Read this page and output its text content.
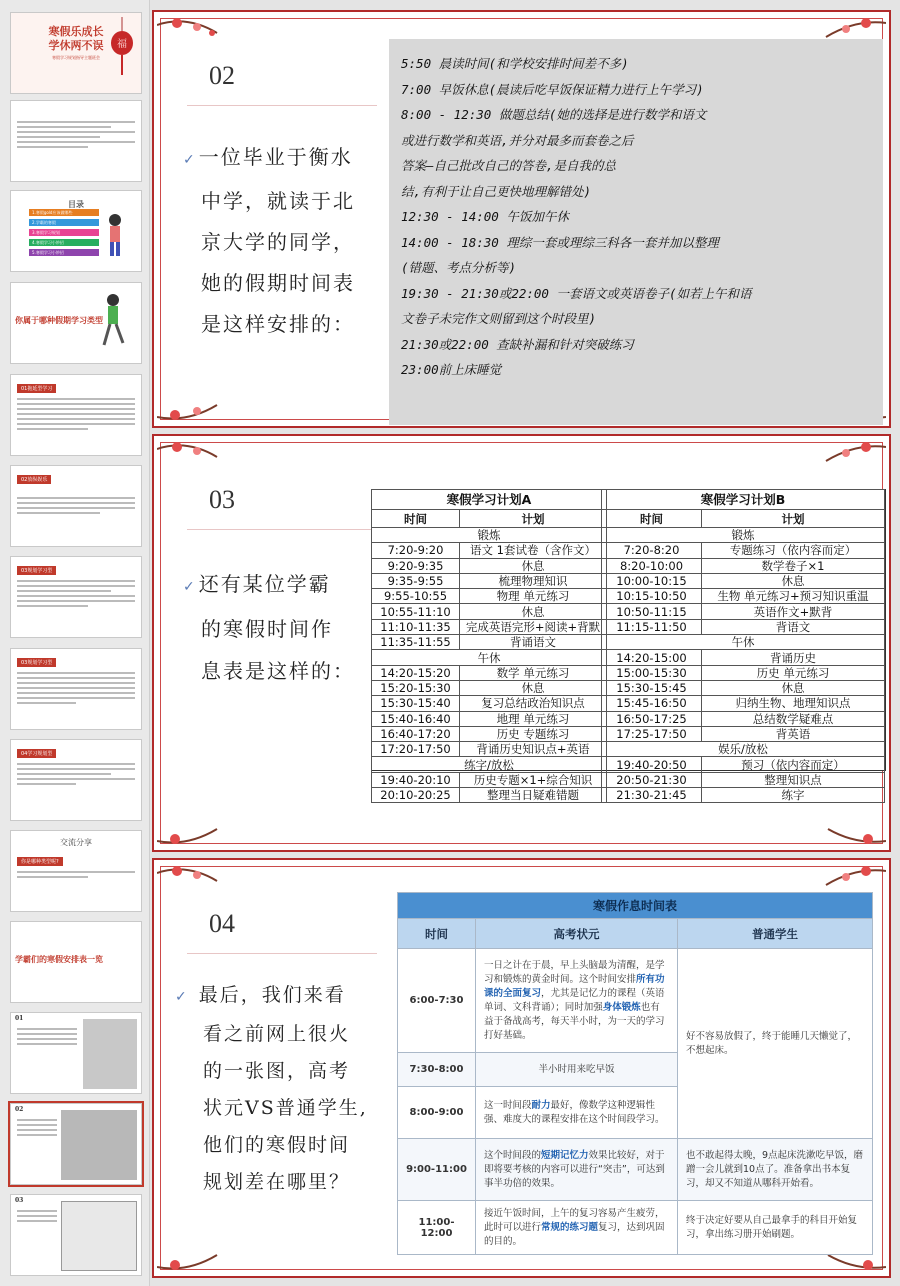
寒假乐成长
学休两不误
寒假学习规划指导主题班会
福
目录
1.寒假gold应该做哪些
2.学霸的寒假
3.寒假学习规划
4.寒假学习小妙招
5.寒假学习小妙招
你属于哪种假期学习类型
01拖延型学习
02放纵娱乐
03规划学习型
03规划学习型
04学习规划型
交流分享
你是哪种类型呢?
学霸们的寒假安排表一览
01
02
03
02
✓ 一位毕业于衡水
中学，就读于北
京大学的同学，
她的假期时间表
是这样安排的：
5:50 晨读时间(和学校安排时间差不多)
7:00 早饭休息(晨读后吃早饭保证精力进行上午学习)
8:00 - 12:30 做题总结(她的选择是进行数学和语文
或进行数学和英语,并分对最多而套卷之后
答案—自己批改自己的答卷,是自我的总
结,有利于让自己更快地理解错处)
12:30 - 14:00 午饭加午休
14:00 - 18:30 理综一套或理综三科各一套并加以整理
(错题、考点分析等)
19:30 - 21:30或22:00 一套语文或英语卷子(如若上午和语
文卷子未完作文则留到这个时段里)
21:30或22:00 查缺补漏和针对突破练习
23:00前上床睡觉
03
✓ 还有某位学霸
的寒假时间作
息表是这样的：
寒假学习计划A	
时间	计划
锻炼	
7:20-9:20	语文 1套试卷（含作文）
9:20-9:35	休息
9:35-9:55	梳理物理知识
9:55-10:55	物理 单元练习
10:55-11:10	休息
11:10-11:35	完成英语完形+阅读+背默
11:35-11:55	背诵语文
午休	
14:20-15:20	数学 单元练习
15:20-15:30	休息
15:30-15:40	复习总结政治知识点
15:40-16:40	地理 单元练习
16:40-17:20	历史 专题练习
17:20-17:50	背诵历史知识点+英语
练字/放松	
19:40-20:10	历史专题×1+综合知识
20:10-20:25	整理当日疑难错题
寒假学习计划B	
时间	计划
锻炼	
7:20-8:20	专题练习（依内容而定）
8:20-10:00	数学卷子×1
10:00-10:15	休息
10:15-10:50	生物 单元练习+预习知识重温
10:50-11:15	英语作文+默背
11:15-11:50	背语文
午休	
14:20-15:00	背诵历史
15:00-15:30	历史 单元练习
15:30-15:45	休息
15:45-16:50	归纳生物、地理知识点
16:50-17:25	总结数学疑难点
17:25-17:50	背英语
娱乐/放松	
19:40-20:50	预习（依内容而定）
20:50-21:30	整理知识点
21:30-21:45	练字
04
✓ 最后，我们来看
看之前网上很火
的一张图，高考
状元VS普通学生,
他们的寒假时间
规划差在哪里？
寒假作息时间表		
时间	高考状元	普通学生
6:00-7:30	一日之计在于晨，早上头脑最为清醒，是学习和锻炼的黄金时间。这个时间安排所有功课的全面复习，尤其是记忆力的课程（英语单词、文科背诵）；同时加强身体锻炼也有益于备战高考，每天半小时，为一天的学习打好基础。	好不容易放假了，终于能睡几天懒觉了，不想起床。
7:30-8:00	半小时用来吃早饭	
8:00-9:00	这一时间段耐力最好，像数学这种逻辑性强、难度大的课程安排在这个时间段学习。	
9:00-11:00	这个时间段的短期记忆力效果比较好，对于即将要考核的内容可以进行“突击”，可达到事半功倍的效果。	也不敢起得太晚，9点起床洗漱吃早饭，磨蹭一会儿就到10点了。准备拿出书本复习，却又不知道从哪科开始看。
11:00-12:00	接近午饭时间，上午的复习容易产生疲劳，此时可以进行常规的练习题复习，达到巩固的目的。	终于决定好要从自己最拿手的科目开始复习，拿出练习册开始刷题。
